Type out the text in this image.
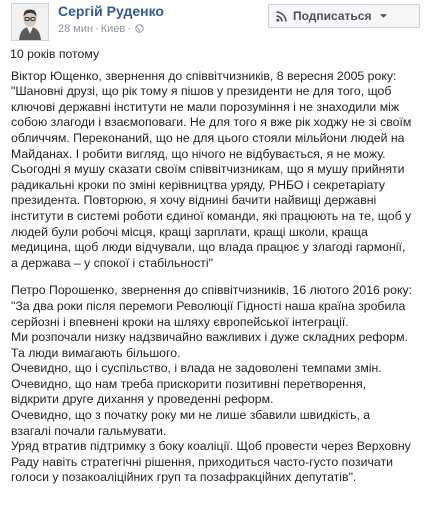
Сергій Руденко
28 мин · Киев ·
Подписаться

10 років потому

Віктор Ющенко, звернення до співвітчизників, 8 вересня 2005 року:

"Шановні друзі, що рік тому я пішов у президенти не для того, щоб
ключові державні інститути не мали порозуміння і не знаходили між
собою злагоди і взаємоповаги. Не для того я вже рік ходжу не зі своїм
обличчям. Переконаний, що не для цього стояли мільйони людей на
Майданах. І робити вигляд, що нічого не відбувається, я не можу.
Сьогодні я мушу сказати своїм співвітчизникам, що я мушу прийняти
радикальні кроки по зміні керівництва уряду, РНБО і секретаріату
президента. Повторюю, я хочу віднині бачити найвищі державні
інститути в системі роботи єдиної команди, які працюють на те, щоб у
людей були робочі місця, кращі зарплати, кращі школи, краща
медицина, щоб люди відчували, що влада працює у злагоді гармонії,
а держава – у спокої і стабільності"

Петро Порошенко, звернення до співвітчизників, 16 лютого 2016 року:

"За два роки після перемоги Революції Гідності наша країна зробила
серйозні і впевнені кроки на шляху європейської інтеграції.
Ми розпочали низку надзвичайно важливих і дуже складних реформ.
Та люди вимагають більшого.
Очевидно, що і суспільство, і влада не задоволені темпами змін.
Очевидно, що нам треба прискорити позитивні перетворення,
відкрити друге дихання у проведенні реформ.
Очевидно, що з початку року ми не лише збавили швидкість, а
взагалі почали гальмувати.
Уряд втратив підтримку з боку коаліції. Щоб провести через Верховну
Раду навіть стратегічні рішення, приходиться часто-густо позичати
голоси у позакоаліційних груп та позафракційних депутатів".
